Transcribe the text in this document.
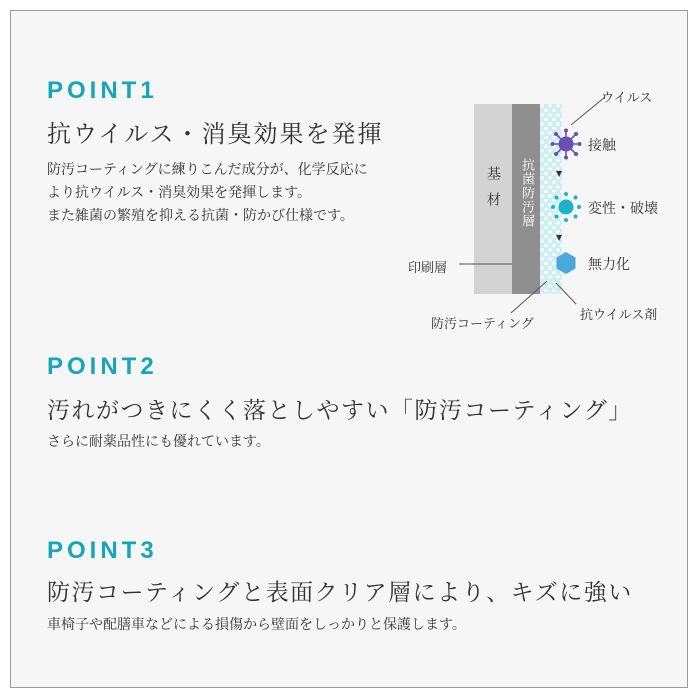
POINT1
抗ウイルス・消臭効果を発揮
防汚コーティングに練りこんだ成分が、化学反応に
より抗ウイルス・消臭効果を発揮します。
また雑菌の繁殖を抑える抗菌・防かび仕様です。	基材 抗菌防汚層	▼
▼
ウイルス
接触
変性・破壊
無力化
印刷層
防汚コーティング
抗ウイルス剤
POINT2
汚れがつきにくく落としやすい「防汚コーティング」
さらに耐薬品性にも優れています。
POINT3
防汚コーティングと表面クリア層により、キズに強い
車椅子や配膳車などによる損傷から壁面をしっかりと保護します。
